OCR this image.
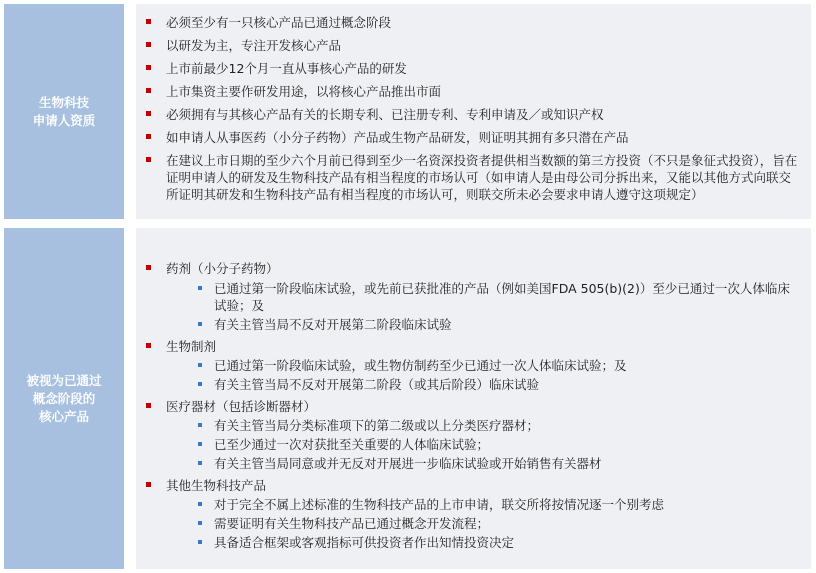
生物科技
申请人资质
必须至少有一只核心产品已通过概念阶段
以研发为主，专注开发核心产品
上市前最少12个月一直从事核心产品的研发
上市集资主要作研发用途，以将核心产品推出市面
必须拥有与其核心产品有关的长期专利、已注册专利、专利申请及／或知识产权
如申请人从事医药（小分子药物）产品或生物产品研发，则证明其拥有多只潜在产品
在建议上市日期的至少六个月前已得到至少一名资深投资者提供相当数额的第三方投资（不只是象征式投资），旨在证明申请人的研发及生物科技产品有相当程度的市场认可（如申请人是由母公司分拆出来，又能以其他方式向联交所证明其研发和生物科技产品有相当程度的市场认可，则联交所未必会要求申请人遵守这项规定）
被视为已通过
概念阶段的
核心产品
药剂（小分子药物）
已通过第一阶段临床试验，或先前已获批准的产品（例如美国FDA 505(b)(2)）至少已通过一次人体临床试验；及
有关主管当局不反对开展第二阶段临床试验
生物制剂
已通过第一阶段临床试验，或生物仿制药至少已通过一次人体临床试验；及
有关主管当局不反对开展第二阶段（或其后阶段）临床试验
医疗器材（包括诊断器材）
有关主管当局分类标准项下的第二级或以上分类医疗器材；
已至少通过一次对获批至关重要的人体临床试验；
有关主管当局同意或并无反对开展进一步临床试验或开始销售有关器材
其他生物科技产品
对于完全不属上述标准的生物科技产品的上市申请，联交所将按情况逐一个别考虑
需要证明有关生物科技产品已通过概念开发流程；
具备适合框架或客观指标可供投资者作出知情投资决定
